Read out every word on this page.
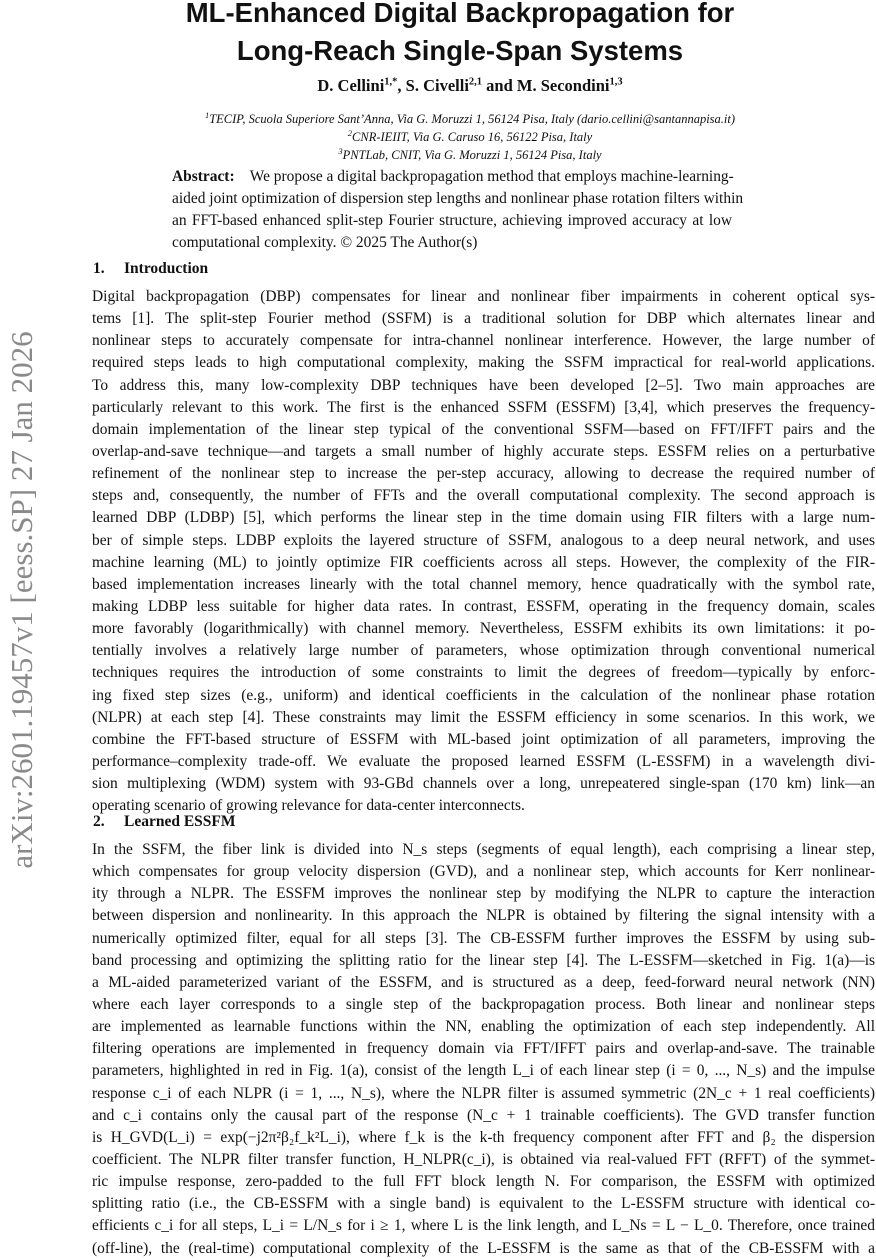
arXiv:2601.19457v1 [eess.SP] 27 Jan 2026
ML-Enhanced Digital Backpropagation for
Long-Reach Single-Span Systems
D. Cellini$^{1,*}$, S. Civelli$^{2,1}$ and M. Secondini$^{1,3}$
$^1$TECIP, Scuola Superiore Sant’Anna, Via G. Moruzzi 1, 56124 Pisa, Italy (dario.cellini@santannapisa.it)
$^2$CNR-IEIIT, Via G. Caruso 16, 56122 Pisa, Italy
$^3$PNTLab, CNIT, Via G. Moruzzi 1, 56124 Pisa, Italy
Abstract: We propose a digital backpropagation method that employs machine-learning-
aided joint optimization of dispersion step lengths and nonlinear phase rotation filters within
an FFT-based enhanced split-step Fourier structure, achieving improved accuracy at low
computational complexity. © 2025 The Author(s)
1. Introduction
Digital backpropagation (DBP) compensates for linear and nonlinear fiber impairments in coherent optical sys-
tems [1]. The split-step Fourier method (SSFM) is a traditional solution for DBP which alternates linear and
nonlinear steps to accurately compensate for intra-channel nonlinear interference. However, the large number of
required steps leads to high computational complexity, making the SSFM impractical for real-world applications.
To address this, many low-complexity DBP techniques have been developed [2–5]. Two main approaches are
particularly relevant to this work. The first is the enhanced SSFM (ESSFM) [3,4], which preserves the frequency-
domain implementation of the linear step typical of the conventional SSFM—based on FFT/IFFT pairs and the
overlap-and-save technique—and targets a small number of highly accurate steps. ESSFM relies on a perturbative
refinement of the nonlinear step to increase the per-step accuracy, allowing to decrease the required number of
steps and, consequently, the number of FFTs and the overall computational complexity. The second approach is
learned DBP (LDBP) [5], which performs the linear step in the time domain using FIR filters with a large num-
ber of simple steps. LDBP exploits the layered structure of SSFM, analogous to a deep neural network, and uses
machine learning (ML) to jointly optimize FIR coefficients across all steps. However, the complexity of the FIR-
based implementation increases linearly with the total channel memory, hence quadratically with the symbol rate,
making LDBP less suitable for higher data rates. In contrast, ESSFM, operating in the frequency domain, scales
more favorably (logarithmically) with channel memory. Nevertheless, ESSFM exhibits its own limitations: it po-
tentially involves a relatively large number of parameters, whose optimization through conventional numerical
techniques requires the introduction of some constraints to limit the degrees of freedom—typically by enforc-
ing fixed step sizes (e.g., uniform) and identical coefficients in the calculation of the nonlinear phase rotation
(NLPR) at each step [4]. These constraints may limit the ESSFM efficiency in some scenarios. In this work, we
combine the FFT-based structure of ESSFM with ML-based joint optimization of all parameters, improving the
performance–complexity trade-off. We evaluate the proposed learned ESSFM (L-ESSFM) in a wavelength divi-
sion multiplexing (WDM) system with 93-GBd channels over a long, unrepeatered single-span (170 km) link—an
operating scenario of growing relevance for data-center interconnects.
2. Learned ESSFM
In the SSFM, the fiber link is divided into N_s steps (segments of equal length), each comprising a linear step,
which compensates for group velocity dispersion (GVD), and a nonlinear step, which accounts for Kerr nonlinear-
ity through a NLPR. The ESSFM improves the nonlinear step by modifying the NLPR to capture the interaction
between dispersion and nonlinearity. In this approach the NLPR is obtained by filtering the signal intensity with a
numerically optimized filter, equal for all steps [3]. The CB-ESSFM further improves the ESSFM by using sub-
band processing and optimizing the splitting ratio for the linear step [4]. The L-ESSFM—sketched in Fig. 1(a)—is
a ML-aided parameterized variant of the ESSFM, and is structured as a deep, feed-forward neural network (NN)
where each layer corresponds to a single step of the backpropagation process. Both linear and nonlinear steps
are implemented as learnable functions within the NN, enabling the optimization of each step independently. All
filtering operations are implemented in frequency domain via FFT/IFFT pairs and overlap-and-save. The trainable
parameters, highlighted in red in Fig. 1(a), consist of the length L_i of each linear step (i = 0, ..., N_s) and the impulse
response c_i of each NLPR (i = 1, ..., N_s), where the NLPR filter is assumed symmetric (2N_c + 1 real coefficients)
and c_i contains only the causal part of the response (N_c + 1 trainable coefficients). The GVD transfer function
is H_GVD(L_i) = exp(−j2π²β₂f_k²L_i), where f_k is the k-th frequency component after FFT and β₂ the dispersion
coefficient. The NLPR filter transfer function, H_NLPR(c_i), is obtained via real-valued FFT (RFFT) of the symmet-
ric impulse response, zero-padded to the full FFT block length N. For comparison, the ESSFM with optimized
splitting ratio (i.e., the CB-ESSFM with a single band) is equivalent to the L-ESSFM structure with identical co-
efficients c_i for all steps, L_i = L/N_s for i ≥ 1, where L is the link length, and L_Ns = L − L_0. Therefore, once trained
(off-line), the (real-time) computational complexity of the L-ESSFM is the same as that of the CB-ESSFM with a
